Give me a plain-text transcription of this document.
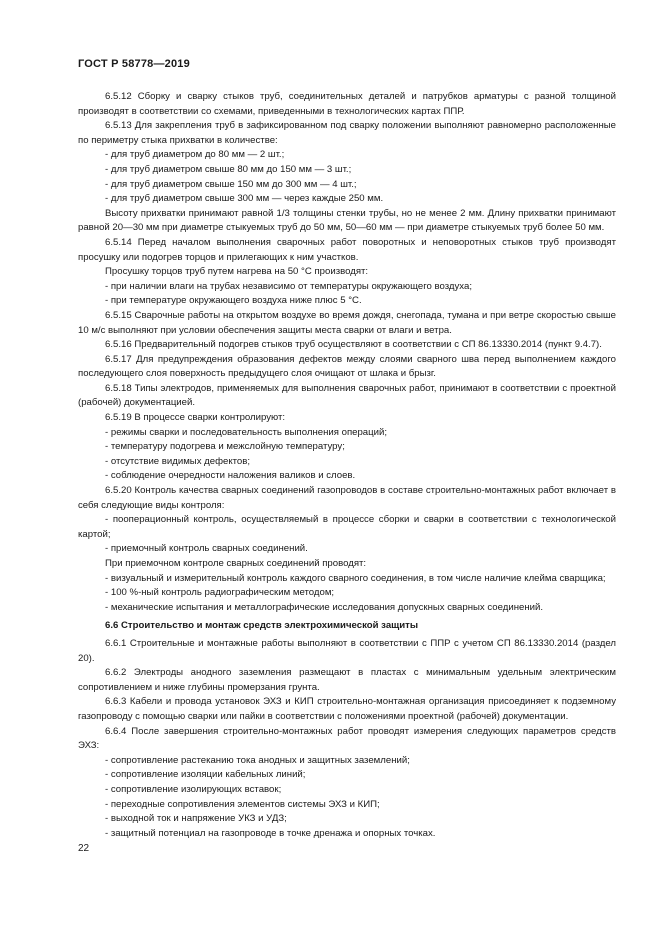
ГОСТ Р 58778—2019

6.5.12 Сборку и сварку стыков труб, соединительных деталей и патрубков арматуры с разной толщиной производят в соответствии со схемами, приведенными в технологических картах ППР.

6.5.13 Для закрепления труб в зафиксированном под сварку положении выполняют равномерно расположенные по периметру стыка прихватки в количестве:

- для труб диаметром до 80 мм — 2 шт.;

- для труб диаметром свыше 80 мм до 150 мм — 3 шт.;

- для труб диаметром свыше 150 мм до 300 мм — 4 шт.;

- для труб диаметром свыше 300 мм — через каждые 250 мм.

Высоту прихватки принимают равной 1/3 толщины стенки трубы, но не менее 2 мм. Длину прихватки принимают равной 20—30 мм при диаметре стыкуемых труб до 50 мм, 50—60 мм — при диаметре стыкуемых труб более 50 мм.

6.5.14 Перед началом выполнения сварочных работ поворотных и неповоротных стыков труб производят просушку или подогрев торцов и прилегающих к ним участков.

Просушку торцов труб путем нагрева на 50 °С производят:

- при наличии влаги на трубах независимо от температуры окружающего воздуха;

- при температуре окружающего воздуха ниже плюс 5 °С.

6.5.15 Сварочные работы на открытом воздухе во время дождя, снегопада, тумана и при ветре скоростью свыше 10 м/с выполняют при условии обеспечения защиты места сварки от влаги и ветра.

6.5.16 Предварительный подогрев стыков труб осуществляют в соответствии с СП 86.13330.2014 (пункт 9.4.7).

6.5.17 Для предупреждения образования дефектов между слоями сварного шва перед выполнением каждого последующего слоя поверхность предыдущего слоя очищают от шлака и брызг.

6.5.18 Типы электродов, применяемых для выполнения сварочных работ, принимают в соответствии с проектной (рабочей) документацией.

6.5.19 В процессе сварки контролируют:

- режимы сварки и последовательность выполнения операций;

- температуру подогрева и межслойную температуру;

- отсутствие видимых дефектов;

- соблюдение очередности наложения валиков и слоев.

6.5.20 Контроль качества сварных соединений газопроводов в составе строительно-монтажных работ включает в себя следующие виды контроля:

- пооперационный контроль, осуществляемый в процессе сборки и сварки в соответствии с технологической картой;

- приемочный контроль сварных соединений.

При приемочном контроле сварных соединений проводят:

- визуальный и измерительный контроль каждого сварного соединения, в том числе наличие клейма сварщика;

- 100 %-ный контроль радиографическим методом;

- механические испытания и металлографические исследования допускных сварных соединений.

6.6 Строительство и монтаж средств электрохимической защиты

6.6.1 Строительные и монтажные работы выполняют в соответствии с ППР с учетом СП 86.13330.2014 (раздел 20).

6.6.2 Электроды анодного заземления размещают в пластах с минимальным удельным электрическим сопротивлением и ниже глубины промерзания грунта.

6.6.3 Кабели и провода установок ЭХЗ и КИП строительно-монтажная организация присоединяет к подземному газопроводу с помощью сварки или пайки в соответствии с положениями проектной (рабочей) документации.

6.6.4 После завершения строительно-монтажных работ проводят измерения следующих параметров средств ЭХЗ:

- сопротивление растеканию тока анодных и защитных заземлений;

- сопротивление изоляции кабельных линий;

- сопротивление изолирующих вставок;

- переходные сопротивления элементов системы ЭХЗ и КИП;

- выходной ток и напряжение УКЗ и УДЗ;

- защитный потенциал на газопроводе в точке дренажа и опорных точках.

22
